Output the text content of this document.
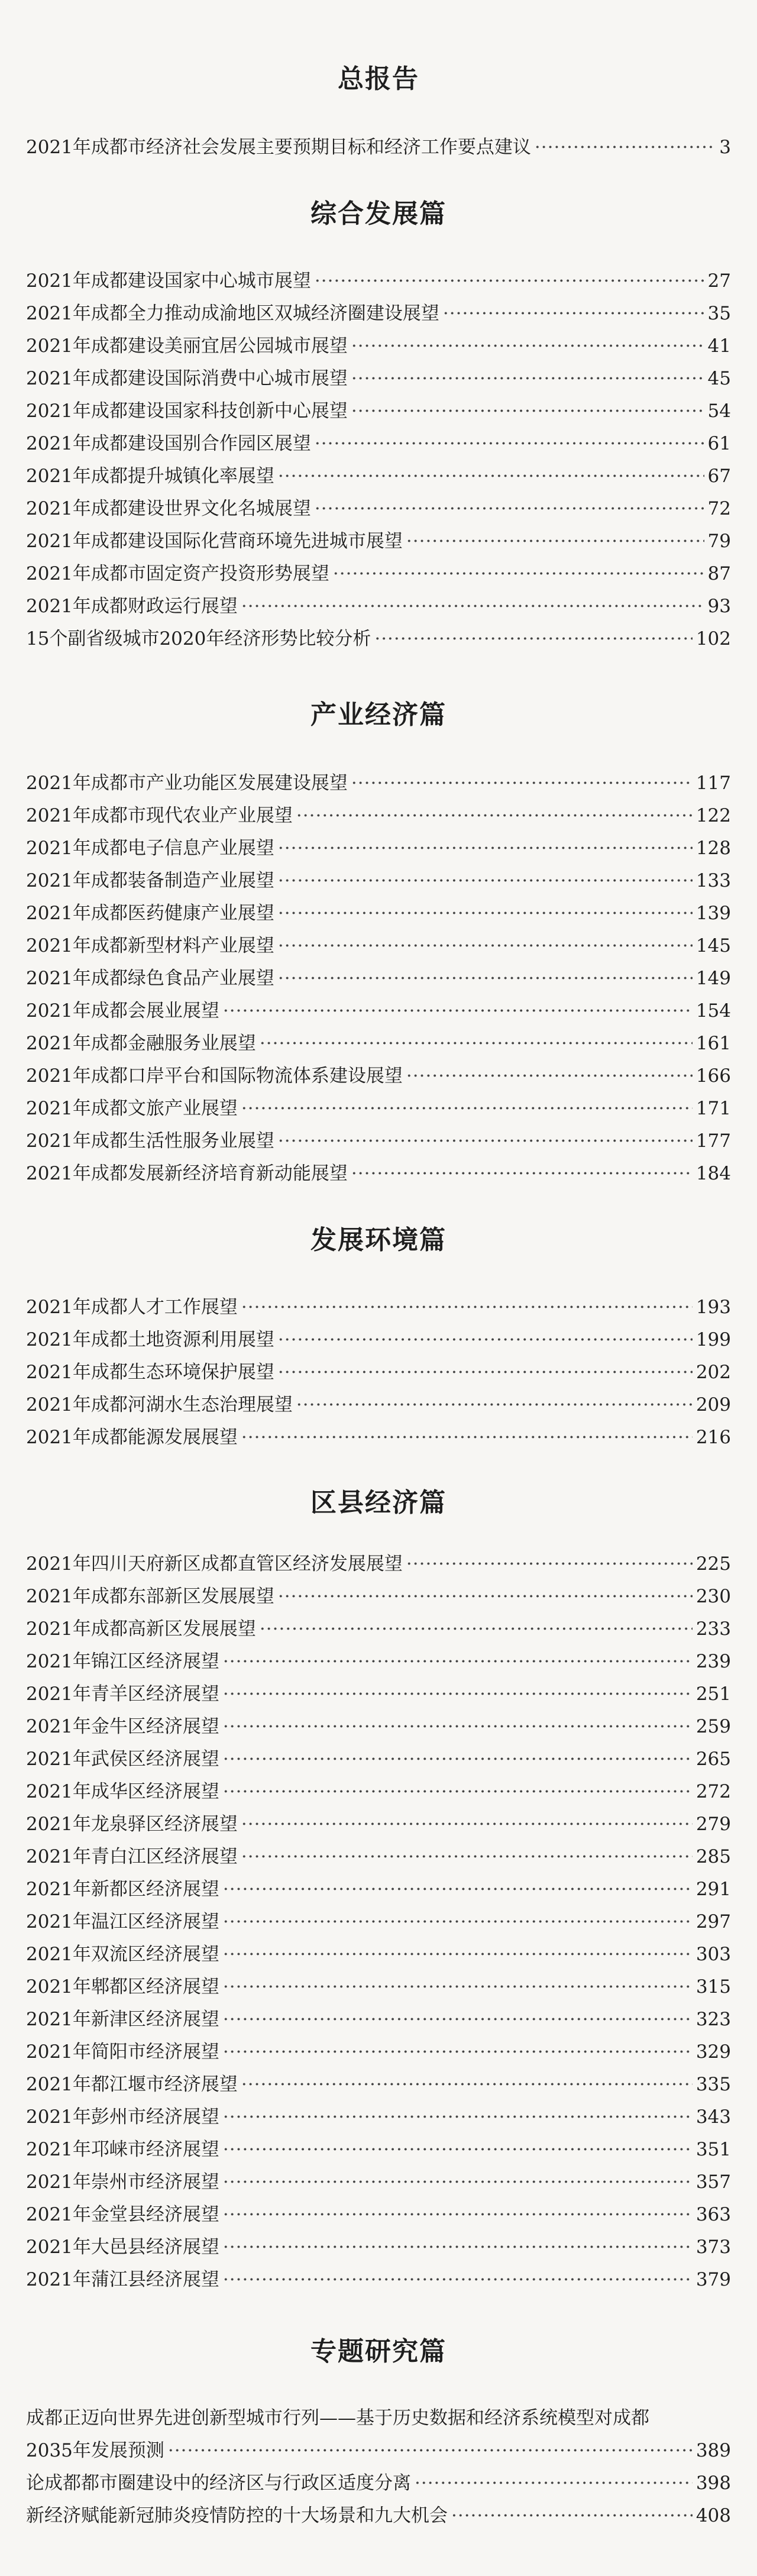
总报告
2021年成都市经济社会发展主要预期目标和经济工作要点建议 ·····	3
综合发展篇
2021年成都建设国家中心城市展望 ·····	27
2021年成都全力推动成渝地区双城经济圈建设展望 ·····	35
2021年成都建设美丽宜居公园城市展望 ·····	41
2021年成都建设国际消费中心城市展望 ·····	45
2021年成都建设国家科技创新中心展望 ·····	54
2021年成都建设国别合作园区展望 ·····	61
2021年成都提升城镇化率展望 ·····	67
2021年成都建设世界文化名城展望 ·····	72
2021年成都建设国际化营商环境先进城市展望 ·····	79
2021年成都市固定资产投资形势展望 ·····	87
2021年成都财政运行展望 ·····	93
15个副省级城市2020年经济形势比较分析 ·····	102
产业经济篇
2021年成都市产业功能区发展建设展望 ·····	117
2021年成都市现代农业产业展望 ·····	122
2021年成都电子信息产业展望 ·····	128
2021年成都装备制造产业展望 ·····	133
2021年成都医药健康产业展望 ·····	139
2021年成都新型材料产业展望 ·····	145
2021年成都绿色食品产业展望 ·····	149
2021年成都会展业展望 ·····	154
2021年成都金融服务业展望 ·····	161
2021年成都口岸平台和国际物流体系建设展望 ·····	166
2021年成都文旅产业展望 ·····	171
2021年成都生活性服务业展望 ·····	177
2021年成都发展新经济培育新动能展望 ·····	184
发展环境篇
2021年成都人才工作展望 ·····	193
2021年成都土地资源利用展望 ·····	199
2021年成都生态环境保护展望 ·····	202
2021年成都河湖水生态治理展望 ·····	209
2021年成都能源发展展望 ·····	216
区县经济篇
2021年四川天府新区成都直管区经济发展展望 ·····	225
2021年成都东部新区发展展望 ·····	230
2021年成都高新区发展展望 ·····	233
2021年锦江区经济展望 ·····	239
2021年青羊区经济展望 ·····	251
2021年金牛区经济展望 ·····	259
2021年武侯区经济展望 ·····	265
2021年成华区经济展望 ·····	272
2021年龙泉驿区经济展望 ·····	279
2021年青白江区经济展望 ·····	285
2021年新都区经济展望 ·····	291
2021年温江区经济展望 ·····	297
2021年双流区经济展望 ·····	303
2021年郫都区经济展望 ·····	315
2021年新津区经济展望 ·····	323
2021年简阳市经济展望 ·····	329
2021年都江堰市经济展望 ·····	335
2021年彭州市经济展望 ·····	343
2021年邛崃市经济展望 ·····	351
2021年崇州市经济展望 ·····	357
2021年金堂县经济展望 ·····	363
2021年大邑县经济展望 ·····	373
2021年蒲江县经济展望 ·····	379
专题研究篇

成都正迈向世界先进创新型城市行列——基于历史数据和经济系统模型对成都

2035年发展预测 ·····	389
论成都都市圈建设中的经济区与行政区适度分离 ·····	398
新经济赋能新冠肺炎疫情防控的十大场景和九大机会 ·····	408
